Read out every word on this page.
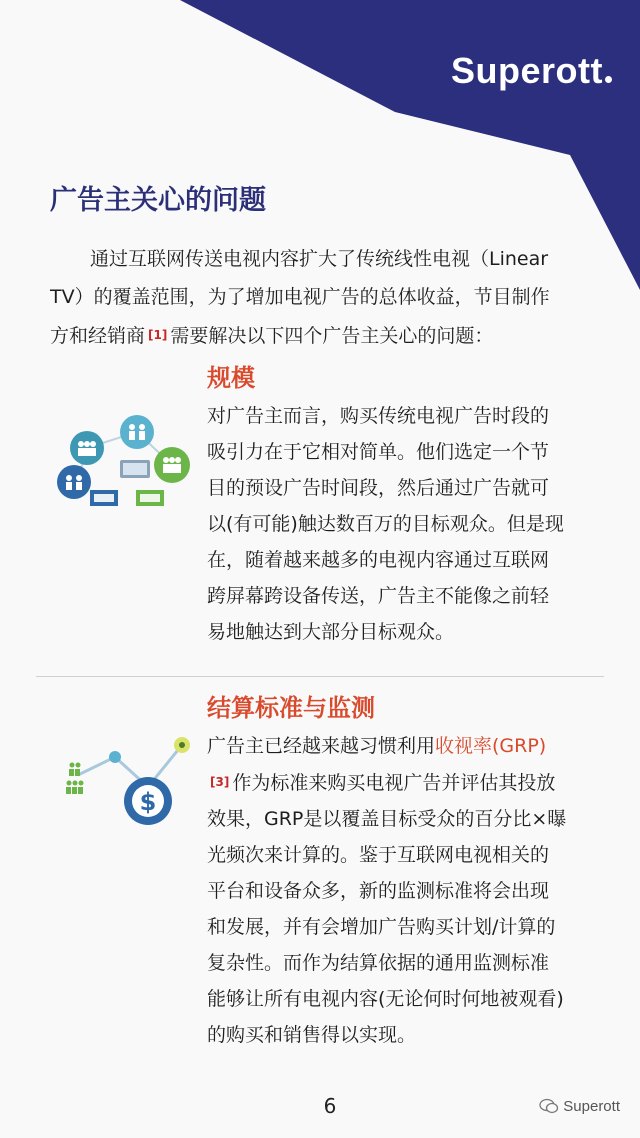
Superott
广告主关心的问题

通过互联网传送电视内容扩大了传统线性电视（Linear
TV）的覆盖范围，为了增加电视广告的总体收益，节目制作
方和经销商 [1] 需要解决以下四个广告主关心的问题：

规模

对广告主而言，购买传统电视广告时段的
吸引力在于它相对简单。他们选定一个节
目的预设广告时间段，然后通过广告就可
以(有可能)触达数百万的目标观众。但是现
在，随着越来越多的电视内容通过互联网
跨屏幕跨设备传送，广告主不能像之前轻
易地触达到大部分目标观众。

$
结算标准与监测

广告主已经越来越习惯利用收视率(GRP)
[3] 作为标准来购买电视广告并评估其投放
效果，GRP是以覆盖目标受众的百分比×曝
光频次来计算的。鉴于互联网电视相关的
平台和设备众多，新的监测标准将会出现
和发展，并有会增加广告购买计划/计算的
复杂性。而作为结算依据的通用监测标准
能够让所有电视内容(无论何时何地被观看)
的购买和销售得以实现。

6	Superott
